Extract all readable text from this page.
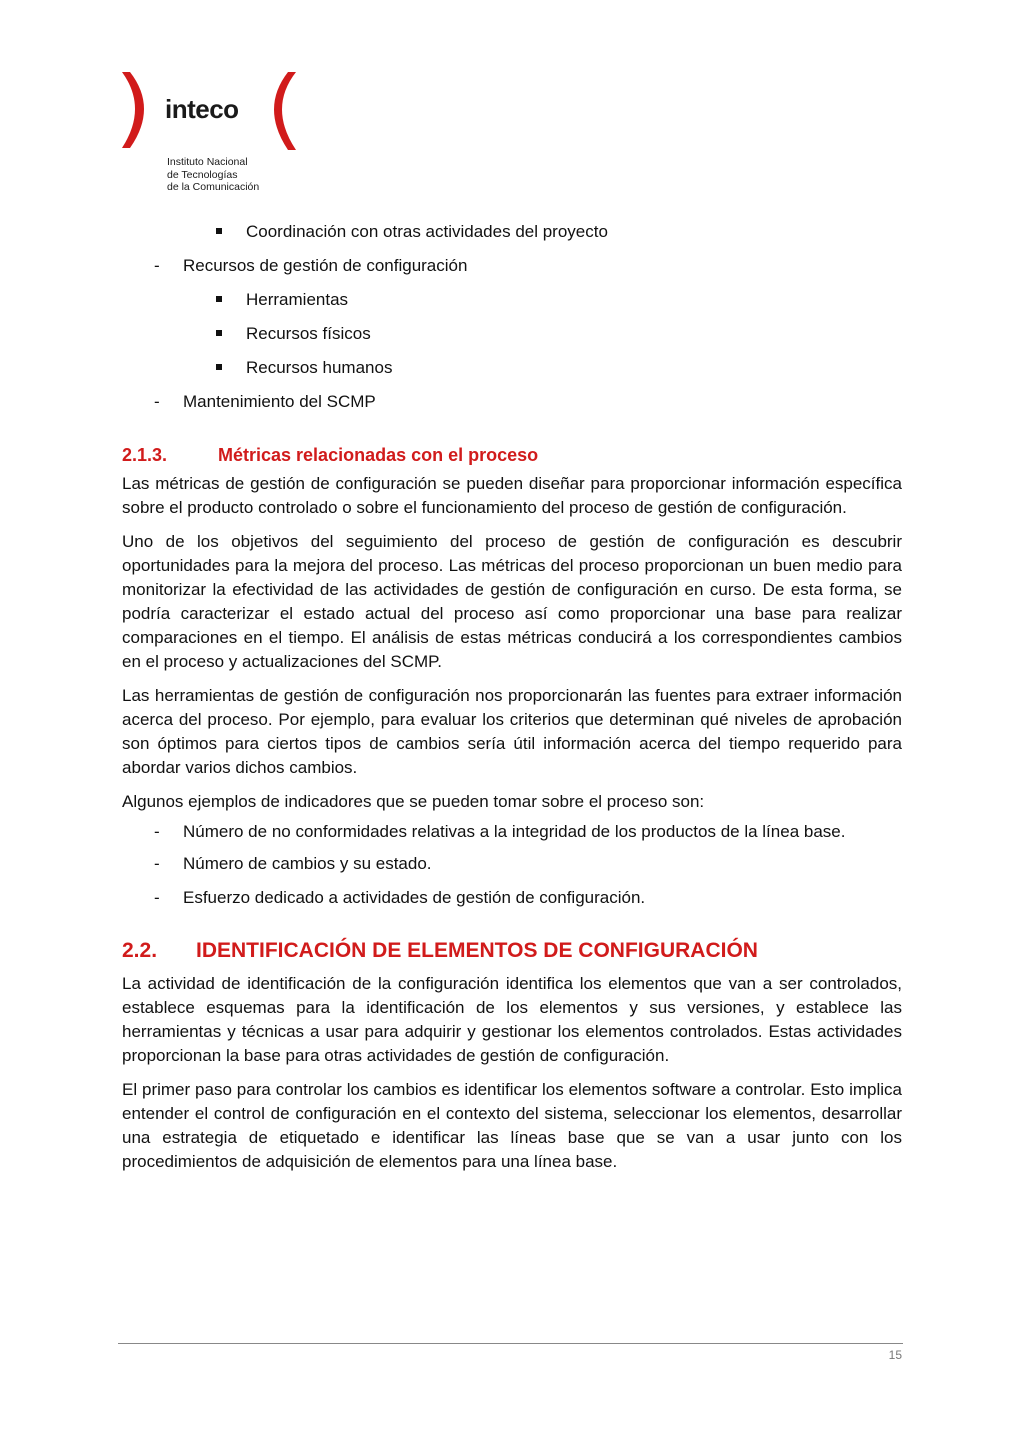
inteco
Instituto Nacional
de Tecnologías
de la Comunicación
Coordinación con otras actividades del proyecto
- Recursos de gestión de configuración
Herramientas
Recursos físicos
Recursos humanos
- Mantenimiento del SCMP
2.1.3.	Métricas relacionadas con el proceso

Las métricas de gestión de configuración se pueden diseñar para proporcionar información específica sobre el producto controlado o sobre el funcionamiento del proceso de gestión de configuración.

Uno de los objetivos del seguimiento del proceso de gestión de configuración es descubrir oportunidades para la mejora del proceso. Las métricas del proceso proporcionan un buen medio para monitorizar la efectividad de las actividades de gestión de configuración en curso. De esta forma, se podría caracterizar el estado actual del proceso así como proporcionar una base para realizar comparaciones en el tiempo. El análisis de estas métricas conducirá a los correspondientes cambios en el proceso y actualizaciones del SCMP.

Las herramientas de gestión de configuración nos proporcionarán las fuentes para extraer información acerca del proceso. Por ejemplo, para evaluar los criterios que determinan qué niveles de aprobación son óptimos para ciertos tipos de cambios sería útil información acerca del tiempo requerido para abordar varios dichos cambios.

Algunos ejemplos de indicadores que se pueden tomar sobre el proceso son:

- Número de no conformidades relativas a la integridad de los productos de la línea base.
- Número de cambios y su estado.
- Esfuerzo dedicado a actividades de gestión de configuración.
2.2. IDENTIFICACIÓN DE ELEMENTOS DE CONFIGURACIÓN

La actividad de identificación de la configuración identifica los elementos que van a ser controlados, establece esquemas para la identificación de los elementos y sus versiones, y establece las herramientas y técnicas a usar para adquirir y gestionar los elementos controlados. Estas actividades proporcionan la base para otras actividades de gestión de configuración.

El primer paso para controlar los cambios es identificar los elementos software a controlar. Esto implica entender el control de configuración en el contexto del sistema, seleccionar los elementos, desarrollar una estrategia de etiquetado e identificar las líneas base que se van a usar junto con los procedimientos de adquisición de elementos para una línea base.

15
